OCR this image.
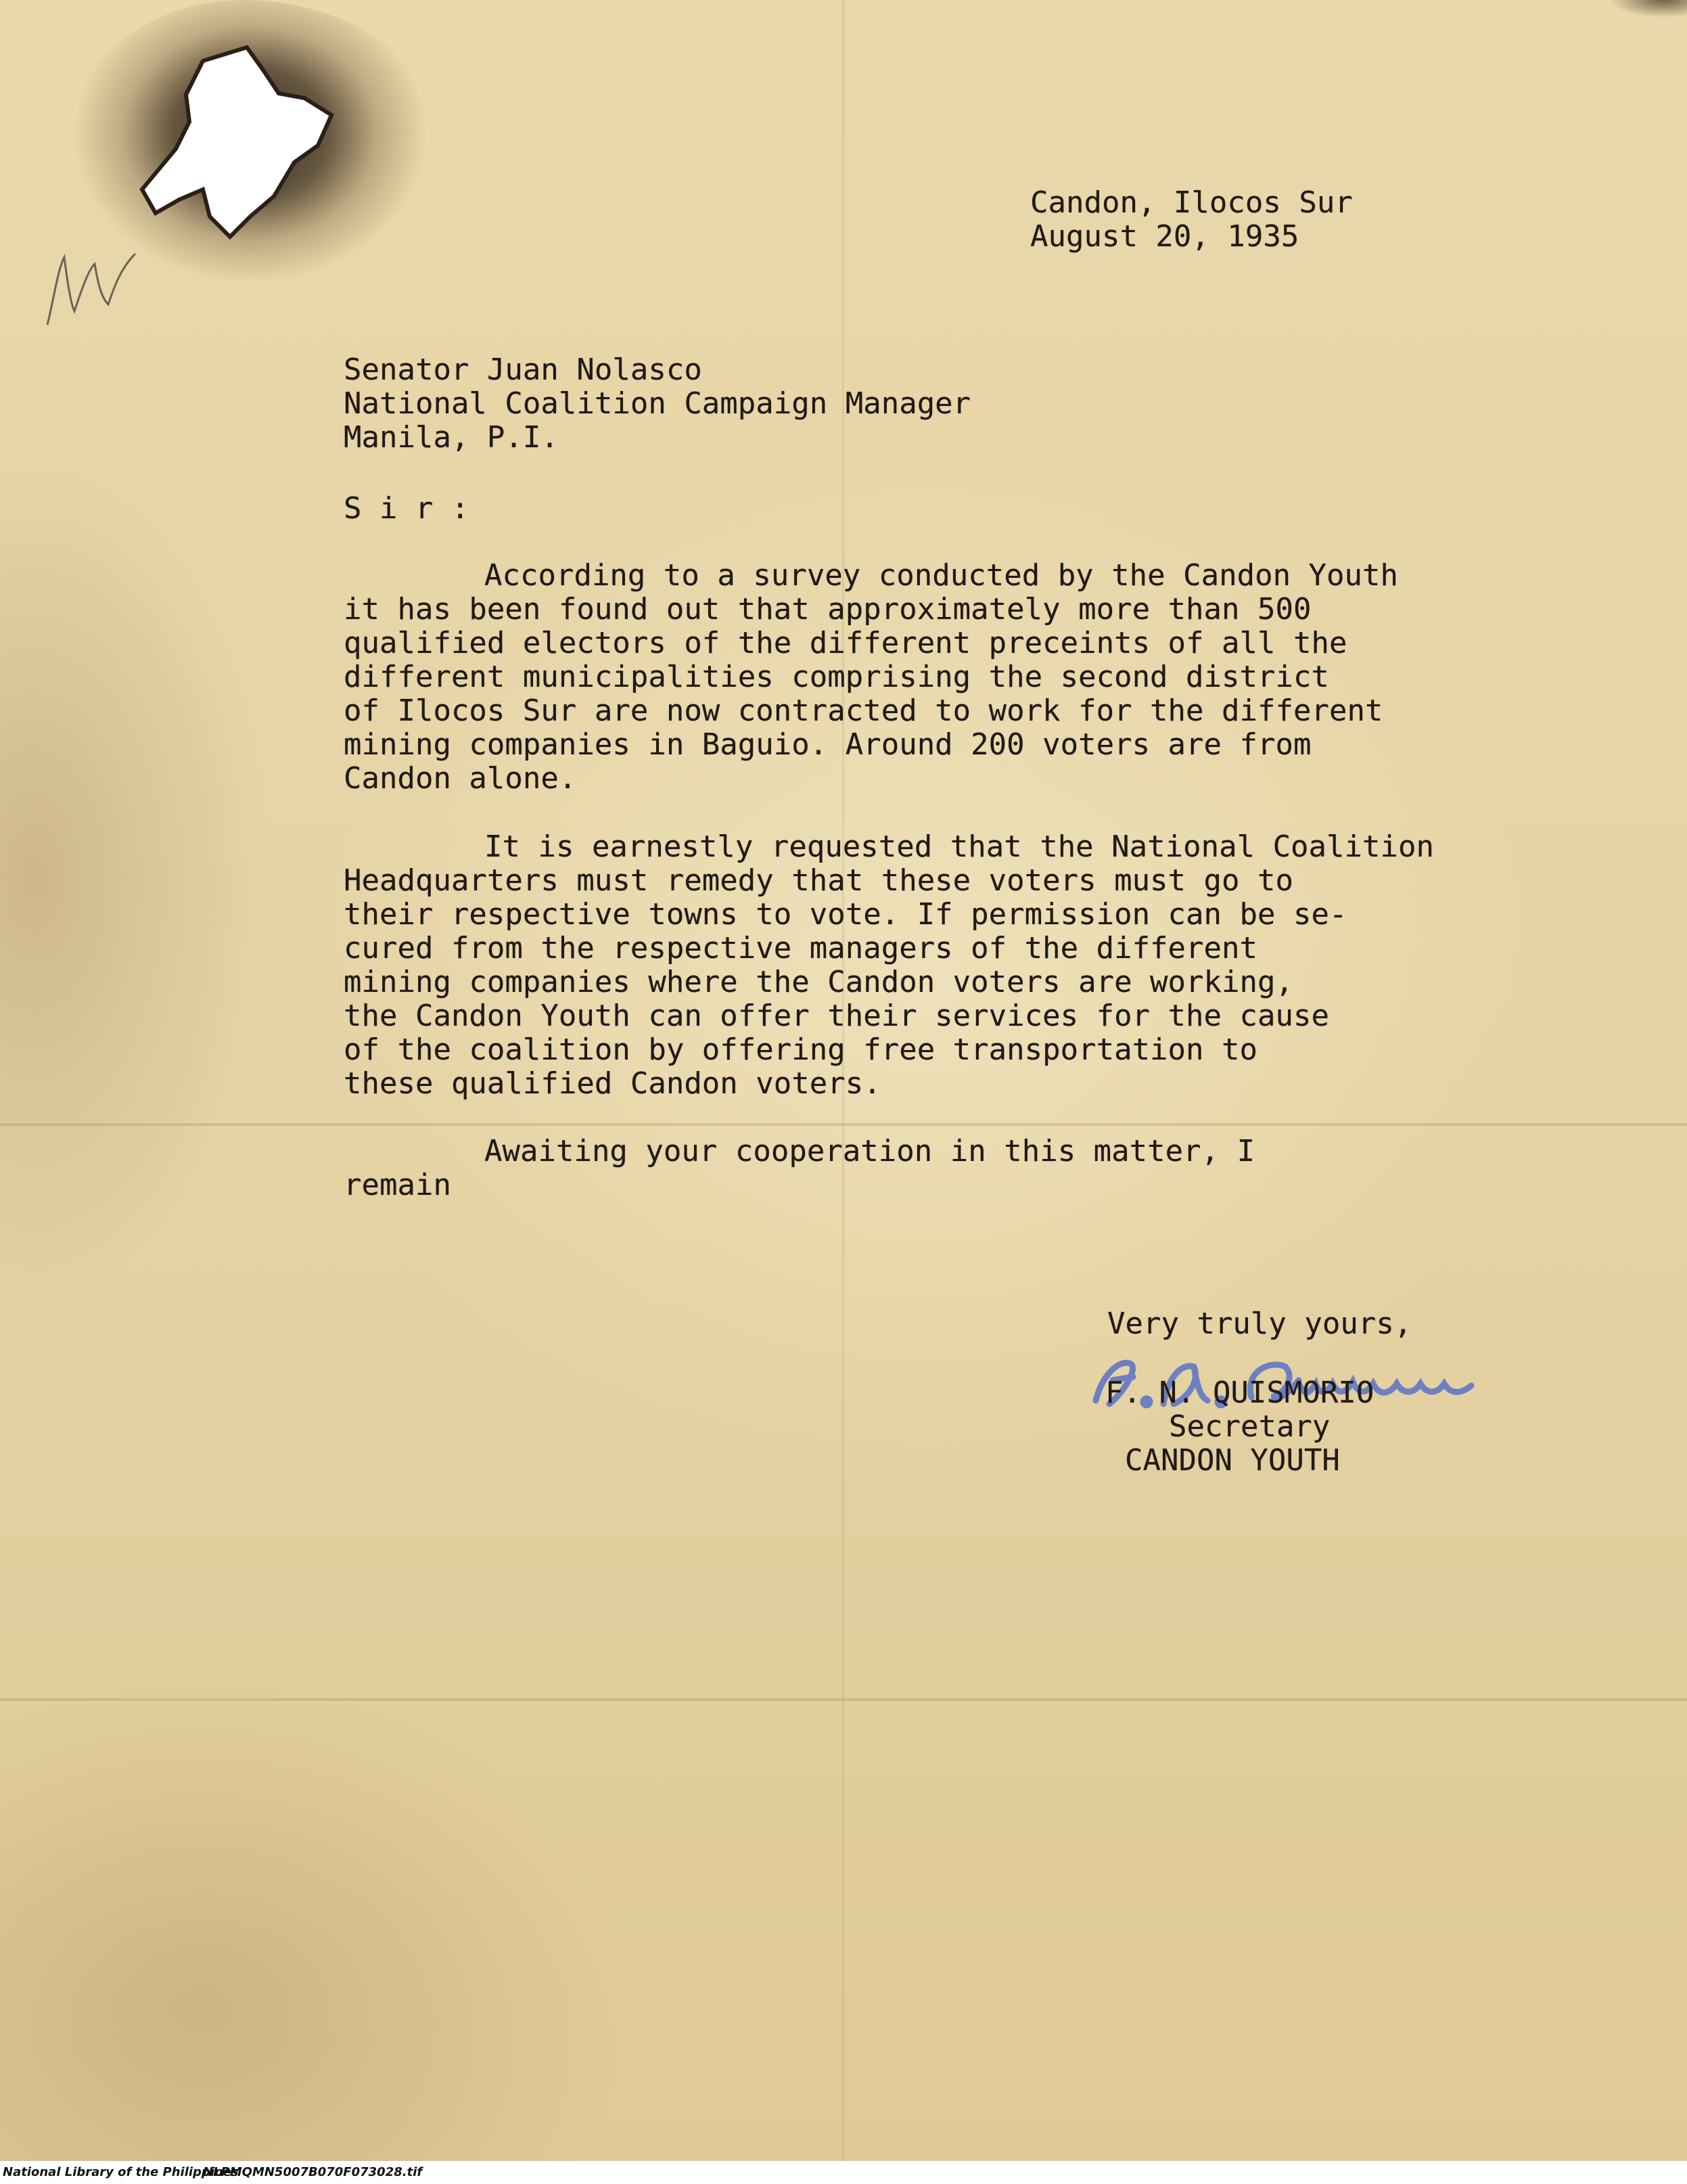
Candon, Ilocos Sur
August 20, 1935
Senator Juan Nolasco
National Coalition Campaign Manager
Manila, P.I.
S i r :
According to a survey conducted by the Candon Youth
it has been found out that approximately more than 500
qualified electors of the different preceints of all the
different municipalities comprising the second district
of Ilocos Sur are now contracted to work for the different
mining companies in Baguio. Around 200 voters are from
Candon alone.
It is earnestly requested that the National Coalition
Headquarters must remedy that these voters must go to
their respective towns to vote. If permission can be se-
cured from the respective managers of the different
mining companies where the Candon voters are working,
the Candon Youth can offer their services for the cause
of the coalition by offering free transportation to
these qualified Candon voters.
Awaiting your cooperation in this matter, I
remain
Very truly yours,
F. N. QUISMORIO
Secretary
CANDON YOUTH
National Library of the Philippines
NLPMQMN5007B070F073028.tif
